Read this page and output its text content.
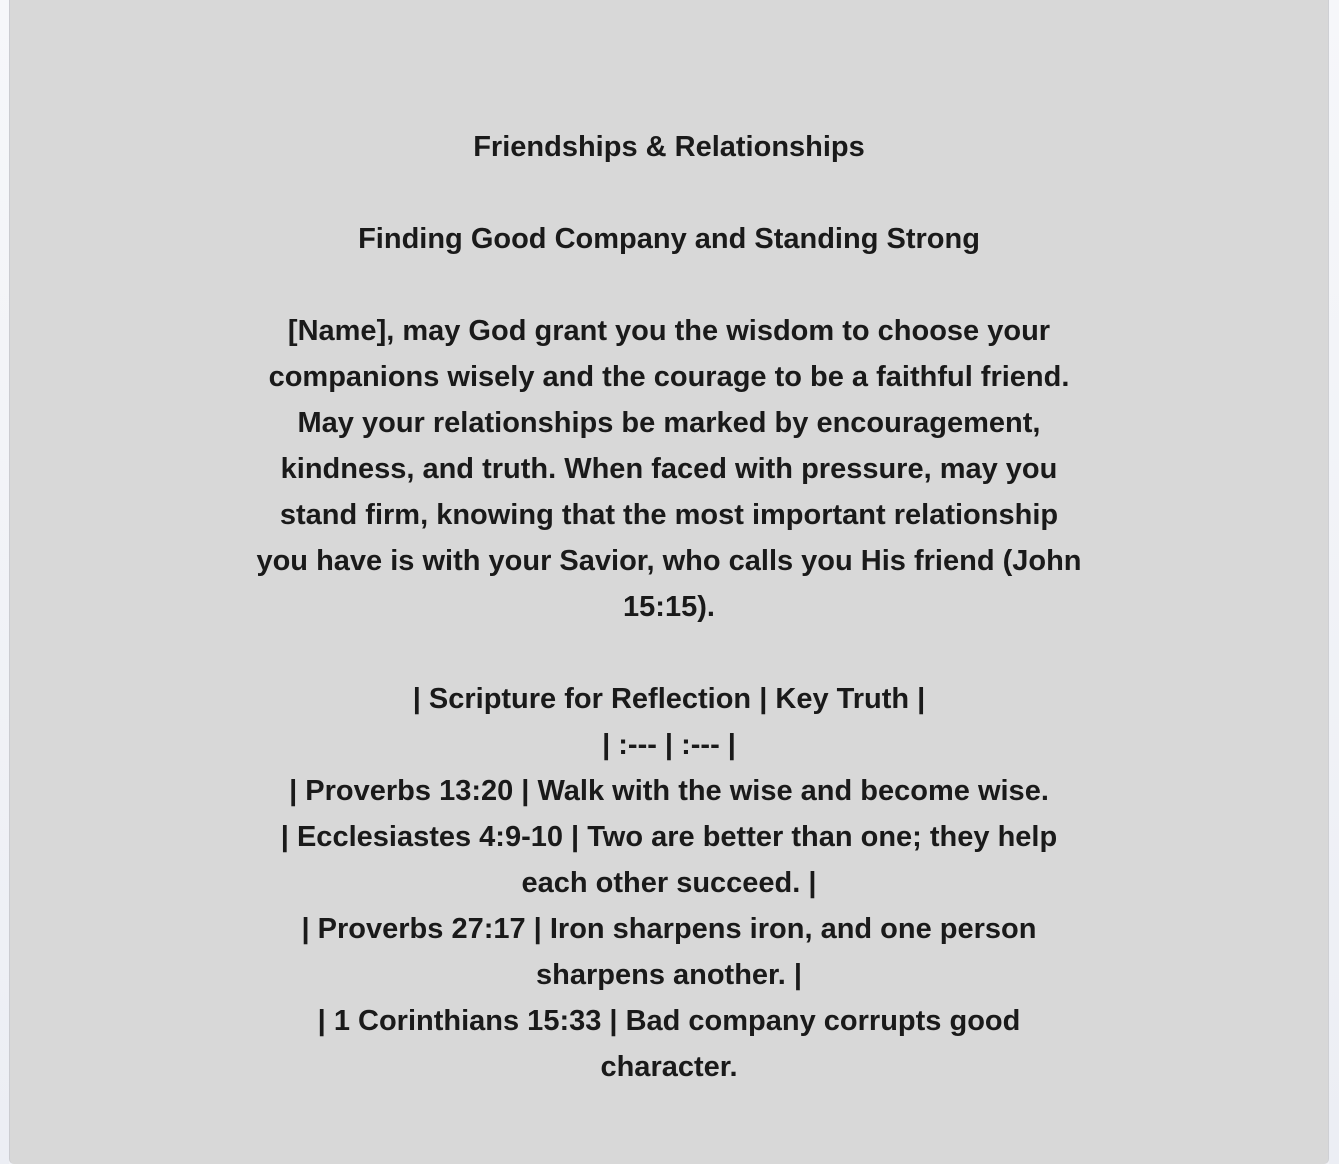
Friendships & Relationships
Finding Good Company and Standing Strong
[Name], may God grant you the wisdom to choose your
companions wisely and the courage to be a faithful friend.
May your relationships be marked by encouragement,
kindness, and truth. When faced with pressure, may you
stand firm, knowing that the most important relationship
you have is with your Savior, who calls you His friend (John
15:15).
| Scripture for Reflection | Key Truth |
| :--- | :--- |
| Proverbs 13:20 | Walk with the wise and become wise.
| Ecclesiastes 4:9-10 | Two are better than one; they help
each other succeed. |
| Proverbs 27:17 | Iron sharpens iron, and one person
sharpens another. |
| 1 Corinthians 15:33 | Bad company corrupts good
character.
